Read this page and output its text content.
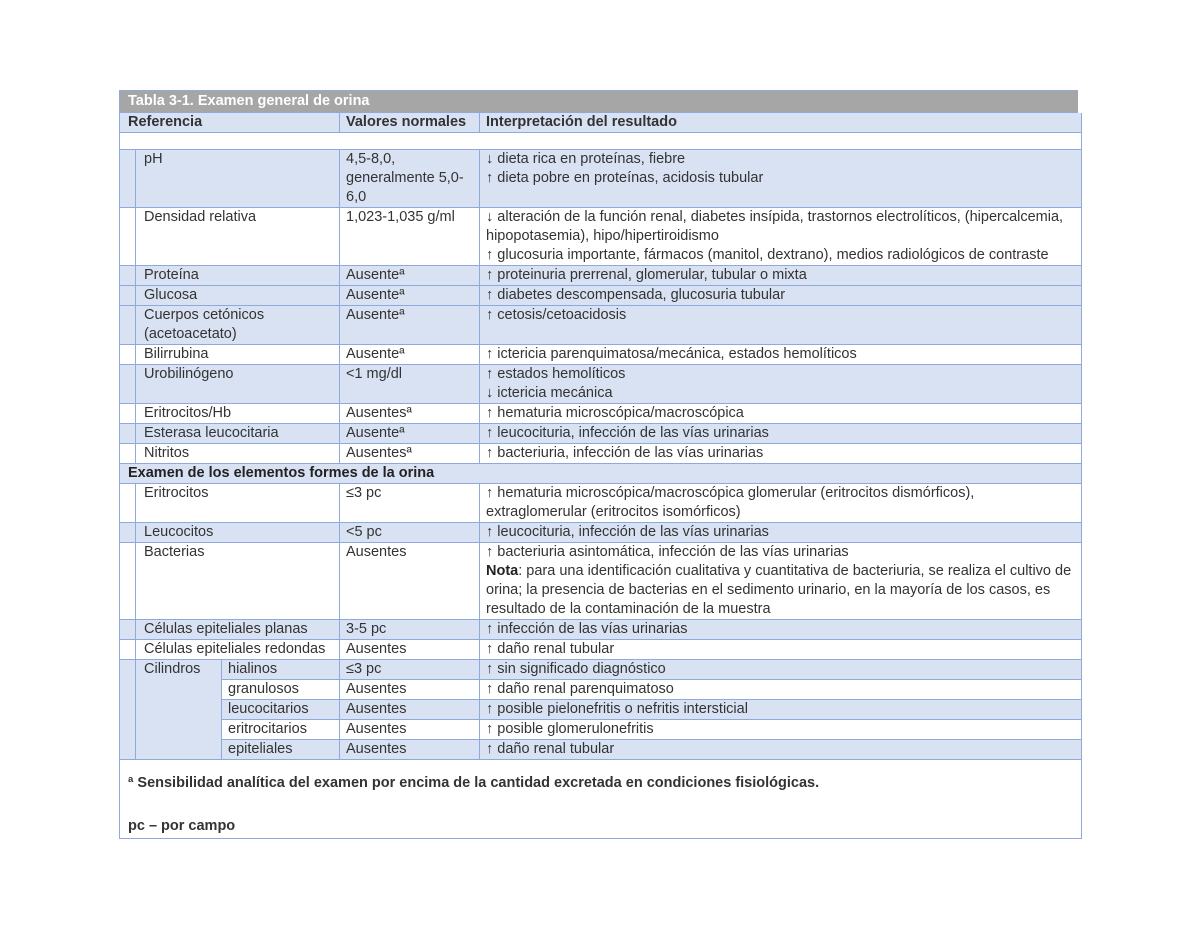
Tabla 3-1. Examen general de orina				
Referencia			Valores normales	Interpretación del resultado

	pH		4,5-8,0, generalmente 5,0-6,0	↓ dieta rica en proteínas, fiebre
↑ dieta pobre en proteínas, acidosis tubular

	Densidad relativa		1,023-1,035 g/ml	↓ alteración de la función renal, diabetes insípida, trastornos electrolíticos, (hipercalcemia, hipopotasemia), hipo/hipertiroidismo
↑ glucosuria importante, fármacos (manitol, dextrano), medios radiológicos de contraste

	Proteína		Ausenteª	↑ proteinuria prerrenal, glomerular, tubular o mixta

	Glucosa		Ausenteª	↑ diabetes descompensada, glucosuria tubular

	Cuerpos cetónicos (acetoacetato)		Ausenteª	↑ cetosis/cetoacidosis

	Bilirrubina		Ausenteª	↑ ictericia parenquimatosa/mecánica, estados hemolíticos

	Urobilinógeno		<1 mg/dl	↑ estados hemolíticos
↓ ictericia mecánica

	Eritrocitos/Hb		Ausentesª	↑ hematuria microscópica/macroscópica

	Esterasa leucocitaria		Ausenteª	↑ leucocituria, infección de las vías urinarias

	Nitritos		Ausentesª	↑ bacteriuria, infección de las vías urinarias

Examen de los elementos formes de la orina				
	Eritrocitos		≤3 pc	↑ hematuria microscópica/macroscópica glomerular (eritrocitos dismórficos), extraglomerular (eritrocitos isomórficos)

	Leucocitos		<5 pc	↑ leucocituria, infección de las vías urinarias

	Bacterias		Ausentes	↑ bacteriuria asintomática, infección de las vías urinarias
Nota: para una identificación cualitativa y cuantitativa de bacteriuria, se realiza el cultivo de orina; la presencia de bacterias en el sedimento urinario, en la mayoría de los casos, es resultado de la contaminación de la muestra

	Células epiteliales planas		3-5 pc	↑ infección de las vías urinarias

	Células epiteliales redondas		Ausentes	↑ daño renal tubular

	Cilindros	hialinos	≤3 pc	↑ sin significado diagnóstico
		granulosos	Ausentes	↑ daño renal parenquimatoso
		leucocitarios	Ausentes	↑ posible pielonefritis o nefritis intersticial
		eritrocitarios	Ausentes	↑ posible glomerulonefritis
		epiteliales	Ausentes	↑ daño renal tubular

ª Sensibilidad analítica del examen por encima de la cantidad excretada en condiciones fisiológicas.
pc – por campo				
